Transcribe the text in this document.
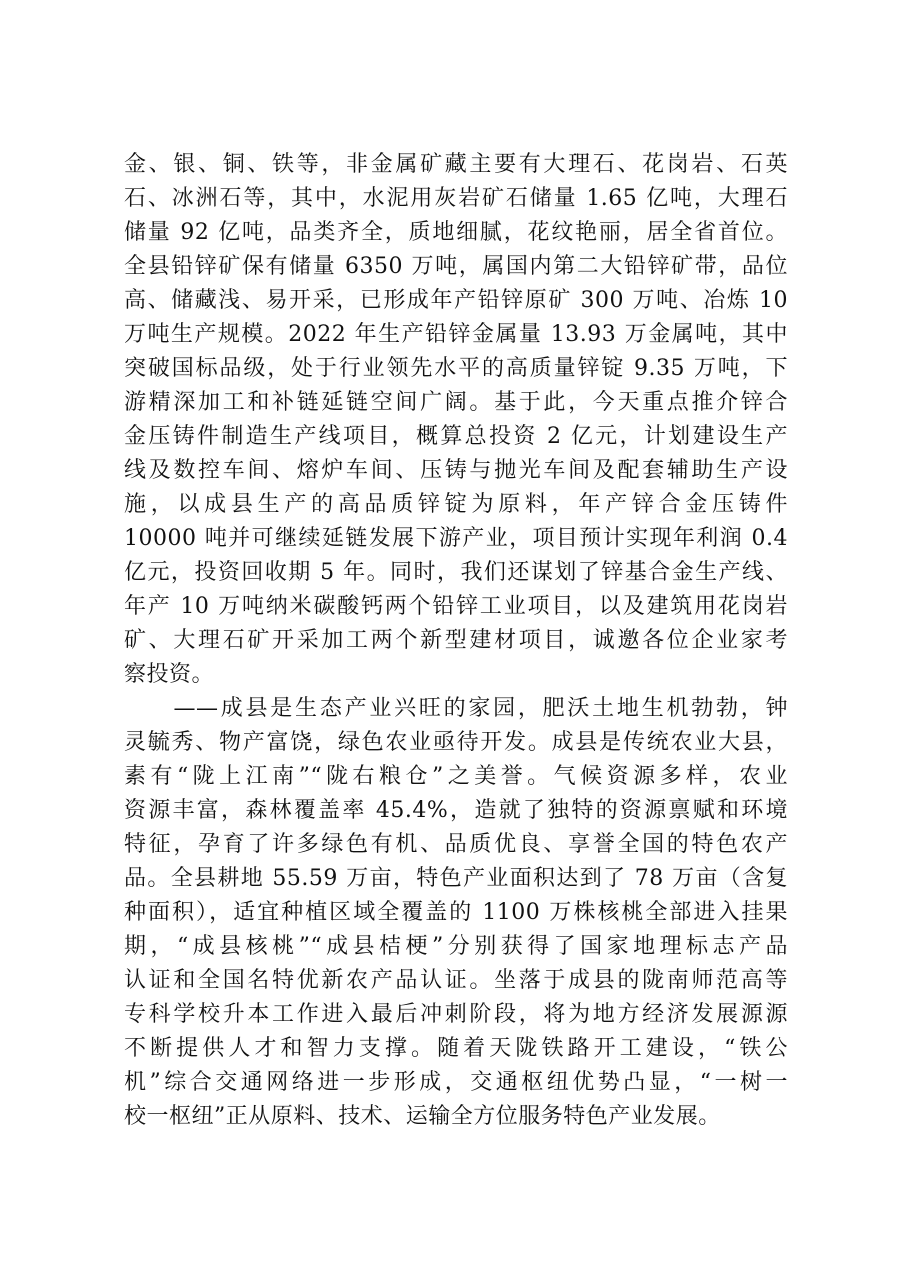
金、银、铜、铁等，非金属矿藏主要有大理石、花岗岩、石英
石、冰洲石等，其中，水泥用灰岩矿石储量 1.65 亿吨，大理石
储量 92 亿吨，品类齐全，质地细腻，花纹艳丽，居全省首位。
全县铅锌矿保有储量 6350 万吨，属国内第二大铅锌矿带，品位
高、储藏浅、易开采，已形成年产铅锌原矿 300 万吨、冶炼 10
万吨生产规模。2022 年生产铅锌金属量 13.93 万金属吨，其中
突破国标品级，处于行业领先水平的高质量锌锭 9.35 万吨，下
游精深加工和补链延链空间广阔。基于此，今天重点推介锌合
金压铸件制造生产线项目，概算总投资 2 亿元，计划建设生产
线及数控车间、熔炉车间、压铸与抛光车间及配套辅助生产设
施，以成县生产的高品质锌锭为原料，年产锌合金压铸件
10000 吨并可继续延链发展下游产业，项目预计实现年利润 0.4
亿元，投资回收期 5 年。同时，我们还谋划了锌基合金生产线、
年产 10 万吨纳米碳酸钙两个铅锌工业项目，以及建筑用花岗岩
矿、大理石矿开采加工两个新型建材项目，诚邀各位企业家考
察投资。
　　——成县是生态产业兴旺的家园，肥沃土地生机勃勃，钟
灵毓秀、物产富饶，绿色农业亟待开发。成县是传统农业大县，
素有“陇上江南”“陇右粮仓”之美誉。气候资源多样，农业
资源丰富，森林覆盖率 45.4%，造就了独特的资源禀赋和环境
特征，孕育了许多绿色有机、品质优良、享誉全国的特色农产
品。全县耕地 55.59 万亩，特色产业面积达到了 78 万亩（含复
种面积），适宜种植区域全覆盖的 1100 万株核桃全部进入挂果
期，“成县核桃”“成县桔梗”分别获得了国家地理标志产品
认证和全国名特优新农产品认证。坐落于成县的陇南师范高等
专科学校升本工作进入最后冲刺阶段，将为地方经济发展源源
不断提供人才和智力支撑。随着天陇铁路开工建设，“铁公
机”综合交通网络进一步形成，交通枢纽优势凸显，“一树一
校一枢纽”正从原料、技术、运输全方位服务特色产业发展。
